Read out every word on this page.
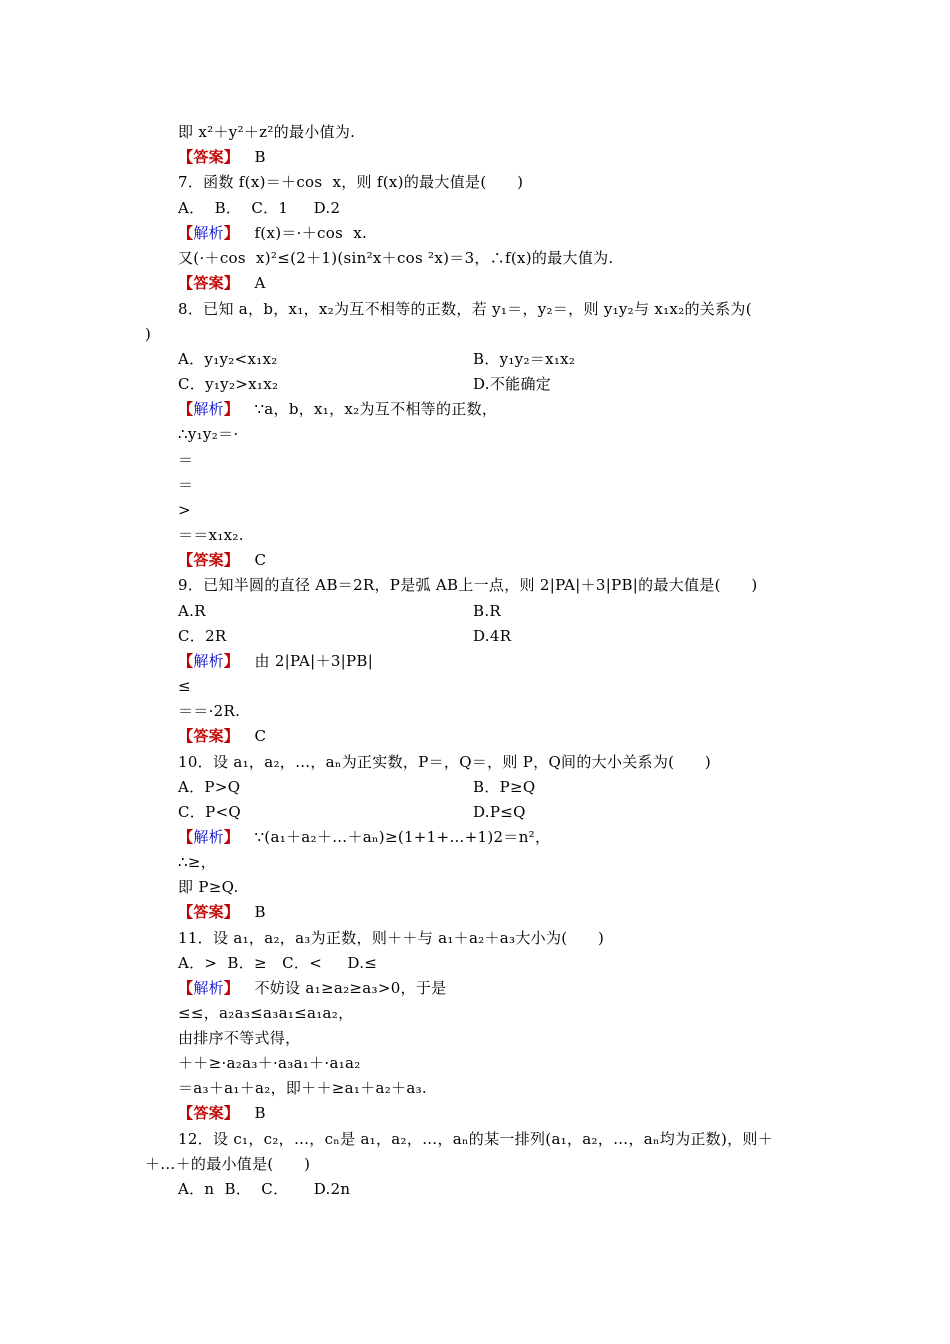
即 x²＋y²＋z²的最小值为.
【答案】 B
7．函数 f(x)＝＋cos  x，则 f(x)的最大值是(　　)
A．  B．  C．1     D.2
【解析】 f(x)＝·＋cos  x.
又(·＋cos  x)²≤(2＋1)(sin²x＋cos ²x)＝3，∴f(x)的最大值为.
【答案】 A
8．已知 a，b，x₁，x₂为互不相等的正数，若 y₁＝，y₂＝，则 y₁y₂与 x₁x₂的关系为(
)
A．y₁y₂<x₁x₂	B．y₁y₂＝x₁x₂
C．y₁y₂>x₁x₂	D.不能确定
【解析】 ∵a，b，x₁，x₂为互不相等的正数，
∴y₁y₂＝·
＝
＝
>
＝＝x₁x₂.
【答案】 C
9．已知半圆的直径 AB＝2R，P是弧 AB上一点，则 2|PA|＋3|PB|的最大值是(　　)
A.R	B.R
C．2R	D.4R
【解析】 由 2|PA|＋3|PB|
≤
＝＝·2R.
【答案】 C
10．设 a₁，a₂，…，aₙ为正实数，P＝，Q＝，则 P，Q间的大小关系为(　　)
A．P>Q	B．P≥Q
C．P<Q	D.P≤Q
【解析】 ∵(a₁＋a₂＋…＋aₙ)≥(1+1+…+1)2＝n²，
∴≥，
即 P≥Q.
【答案】 B
11．设 a₁，a₂，a₃为正数，则＋＋与 a₁＋a₂＋a₃大小为(　　)
A．>  B．≥   C．<     D.≤
【解析】 不妨设 a₁≥a₂≥a₃>0，于是
≤≤，a₂a₃≤a₃a₁≤a₁a₂，
由排序不等式得，
＋＋≥·a₂a₃＋·a₃a₁＋·a₁a₂
＝a₃＋a₁＋a₂，即＋＋≥a₁＋a₂＋a₃.
【答案】 B
12．设 c₁，c₂，…，cₙ是 a₁，a₂，…，aₙ的某一排列(a₁，a₂，…，aₙ均为正数)，则＋
＋…＋的最小值是(　　)
A．n  B．  C．     D.2n
